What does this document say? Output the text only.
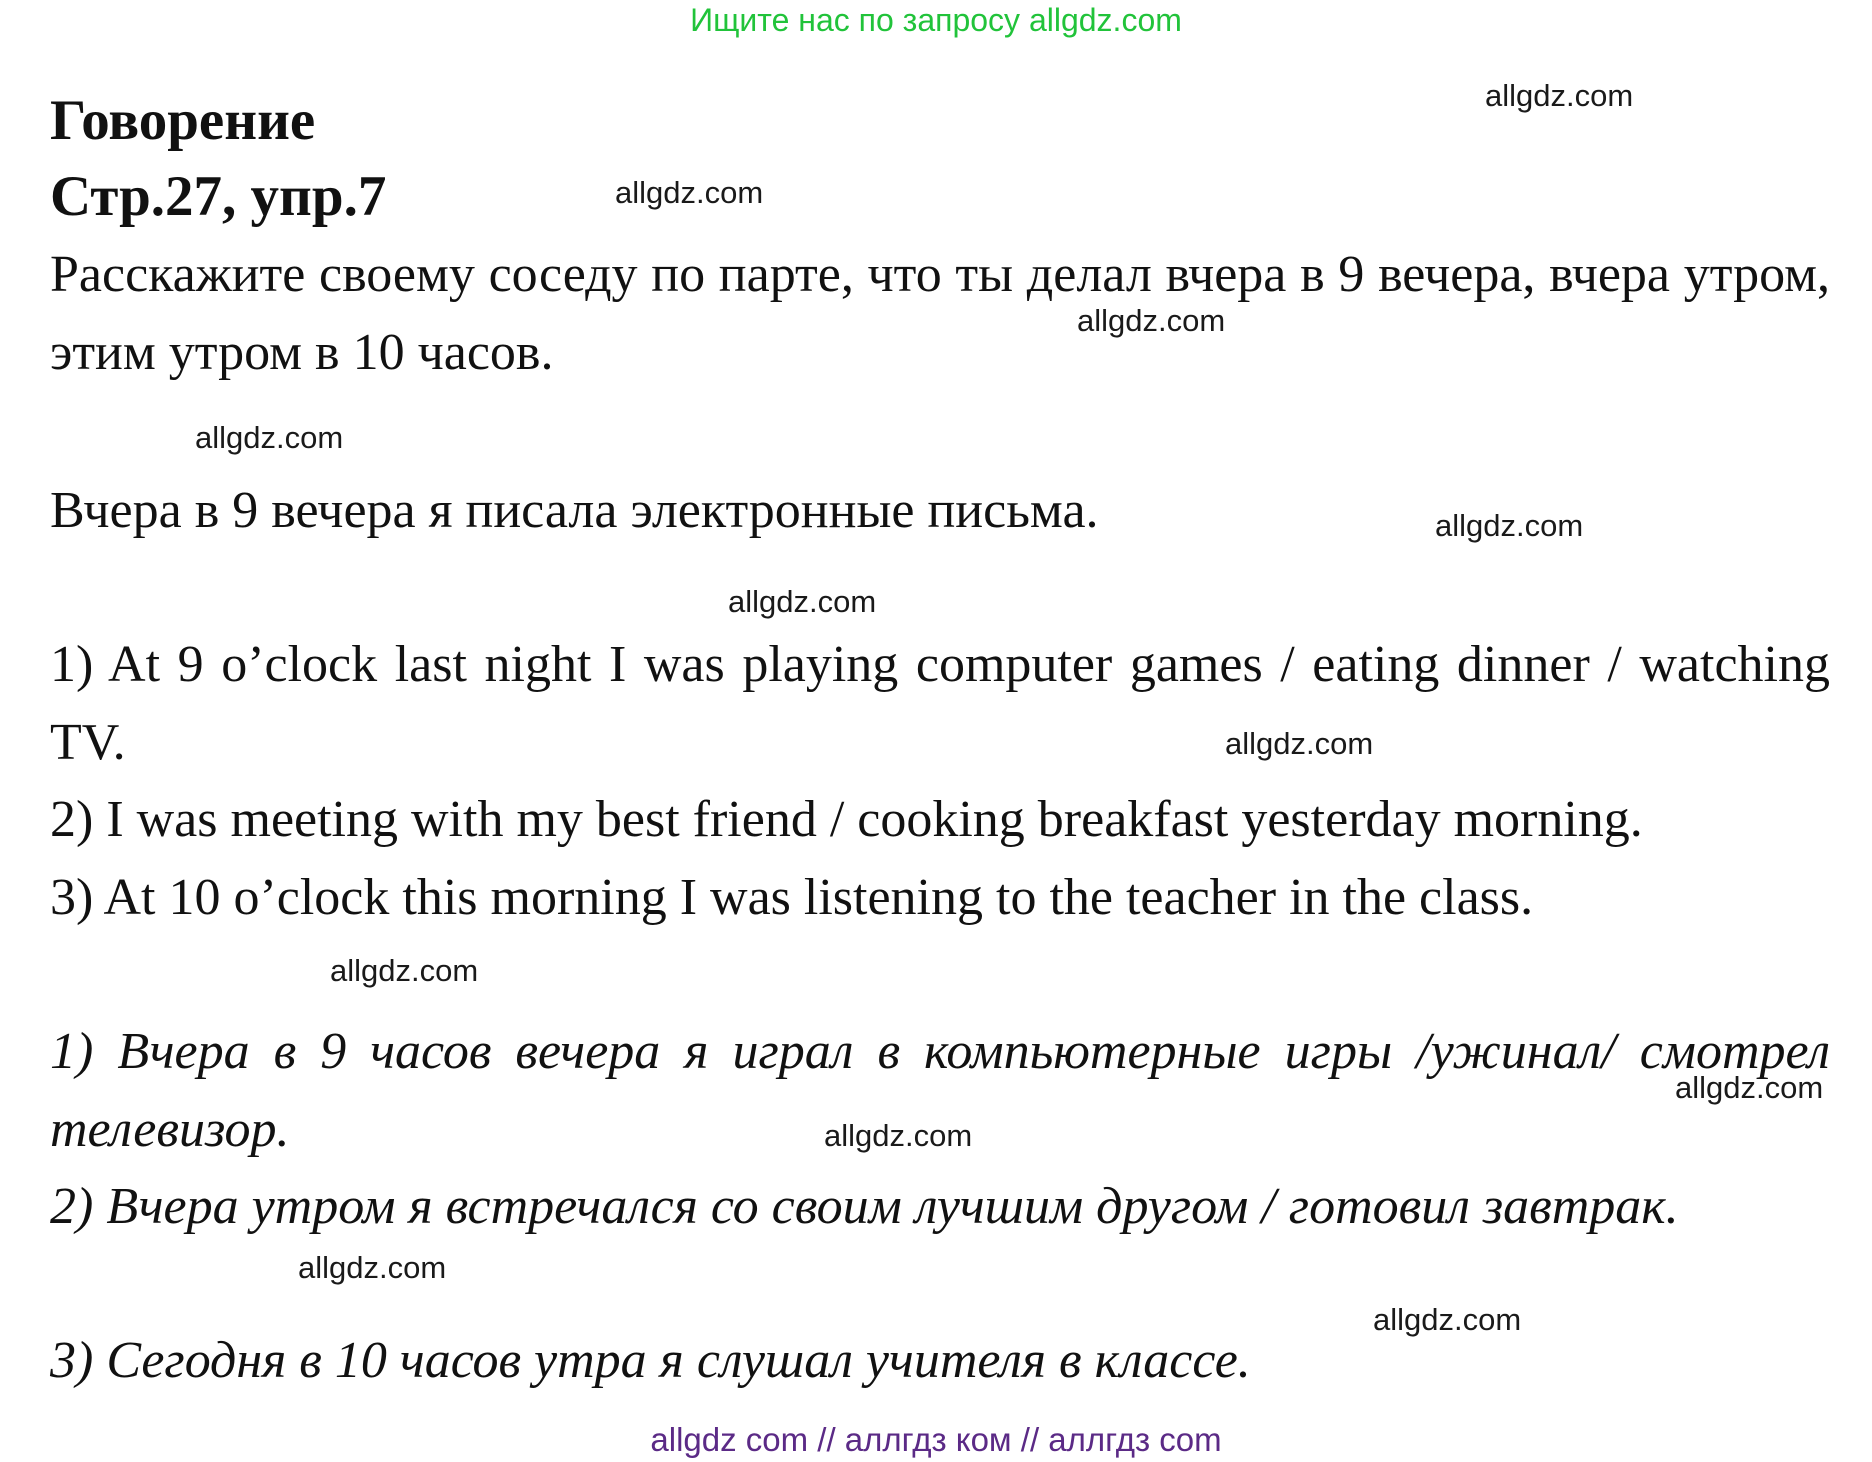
Ищите нас по запросу allgdz.com
Говорение
Стр.27, упр.7
Расскажите своему соседу по парте, что ты делал вчера в 9 вечера, вчера утром, этим утром в 10 часов.
Вчера в 9 вечера я писала электронные письма.
1) At 9 o’clock last night I was playing computer games / eating dinner / watching TV.
2) I was meeting with my best friend / cooking breakfast yesterday morning.
3) At 10 o’clock this morning I was listening to the teacher in the class.
1) Вчера в 9 часов вечера я играл в компьютерные игры /ужинал/ смотрел телевизор.
2) Вчера утром я встречался со своим лучшим другом / готовил завтрак.
3) Сегодня в 10 часов утра я слушал учителя в классе.
allgdz.com
allgdz.com
allgdz.com
allgdz.com
allgdz.com
allgdz.com
allgdz.com
allgdz.com
allgdz.com
allgdz.com
allgdz.com
allgdz.com
allgdz com // аллгдз ком // аллгдз com
